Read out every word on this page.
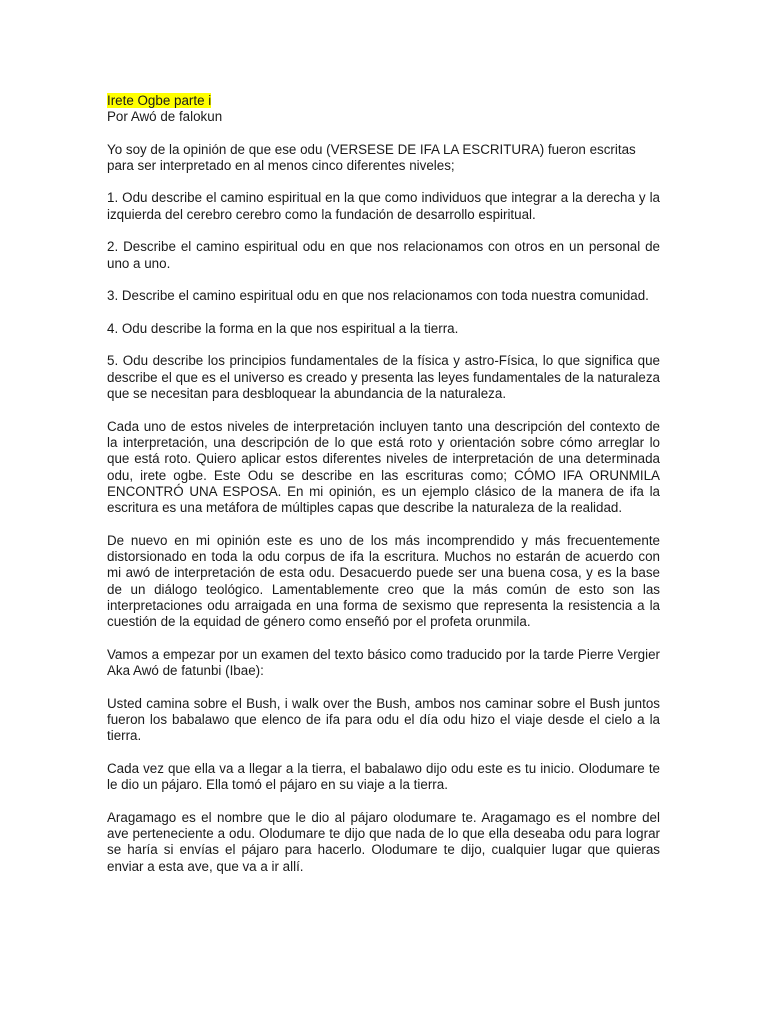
Irete Ogbe parte i
Por Awó de falokun

Yo soy de la opinión de que ese odu (VERSESE DE IFA LA ESCRITURA) fueron escritas para ser interpretado en al menos cinco diferentes niveles;

1. Odu describe el camino espiritual en la que como individuos que integrar a la derecha y la izquierda del cerebro cerebro como la fundación de desarrollo espiritual.

2. Describe el camino espiritual odu en que nos relacionamos con otros en un personal de uno a uno.

3. Describe el camino espiritual odu en que nos relacionamos con toda nuestra comunidad.

4. Odu describe la forma en la que nos espiritual a la tierra.

5. Odu describe los principios fundamentales de la física y astro-Física, lo que significa que describe el que es el universo es creado y presenta las leyes fundamentales de la naturaleza que se necesitan para desbloquear la abundancia de la naturaleza.

Cada uno de estos niveles de interpretación incluyen tanto una descripción del contexto de la interpretación, una descripción de lo que está roto y orientación sobre cómo arreglar lo que está roto. Quiero aplicar estos diferentes niveles de interpretación de una determinada odu, irete ogbe. Este Odu se describe en las escrituras como; CÓMO IFA ORUNMILA ENCONTRÓ UNA ESPOSA. En mi opinión, es un ejemplo clásico de la manera de ifa la escritura es una metáfora de múltiples capas que describe la naturaleza de la realidad.

De nuevo en mi opinión este es uno de los más incomprendido y más frecuentemente distorsionado en toda la odu corpus de ifa la escritura. Muchos no estarán de acuerdo con mi awó de interpretación de esta odu. Desacuerdo puede ser una buena cosa, y es la base de un diálogo teológico. Lamentablemente creo que la más común de esto son las interpretaciones odu arraigada en una forma de sexismo que representa la resistencia a la cuestión de la equidad de género como enseñó por el profeta orunmila.

Vamos a empezar por un examen del texto básico como traducido por la tarde Pierre Vergier Aka Awó de fatunbi (Ibae):

Usted camina sobre el Bush, i walk over the Bush, ambos nos caminar sobre el Bush juntos fueron los babalawo que elenco de ifa para odu el día odu hizo el viaje desde el cielo a la tierra.

Cada vez que ella va a llegar a la tierra, el babalawo dijo odu este es tu inicio. Olodumare te le dio un pájaro. Ella tomó el pájaro en su viaje a la tierra.

Aragamago es el nombre que le dio al pájaro olodumare te. Aragamago es el nombre del ave perteneciente a odu. Olodumare te dijo que nada de lo que ella deseaba odu para lograr se haría si envías el pájaro para hacerlo. Olodumare te dijo, cualquier lugar que quieras enviar a esta ave, que va a ir allí.
